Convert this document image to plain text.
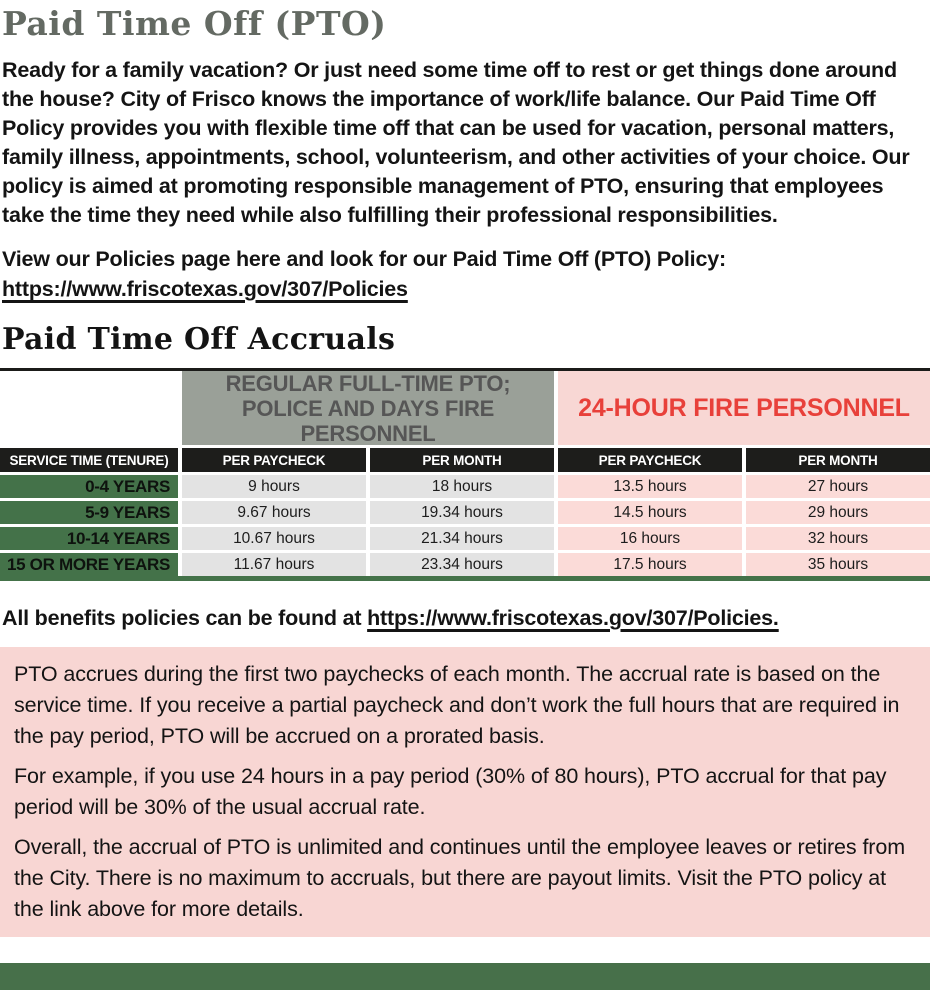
Paid Time Off (PTO)

Ready for a family vacation? Or just need some time off to rest or get things done around the house? City of Frisco knows the importance of work/life balance. Our Paid Time Off Policy provides you with flexible time off that can be used for vacation, personal matters, family illness, appointments, school, volunteerism, and other activities of your choice. Our policy is aimed at promoting responsible management of PTO, ensuring that employees take the time they need while also fulfilling their professional responsibilities.

View our Policies page here and look for our Paid Time Off (PTO) Policy: https://www.friscotexas.gov/307/Policies

Paid Time Off Accruals
REGULAR FULL-TIME PTO; POLICE AND DAYS FIRE PERSONNEL
24-HOUR FIRE PERSONNEL
SERVICE TIME (TENURE)	PER PAYCHECK	PER MONTH	PER PAYCHECK	PER MONTH
0-4 YEARS	9 hours	18 hours	13.5 hours	27 hours
5-9 YEARS	9.67 hours	19.34 hours	14.5 hours	29 hours
10-14 YEARS	10.67 hours	21.34 hours	16 hours	32 hours
15 OR MORE YEARS	11.67 hours	23.34 hours	17.5 hours	35 hours

All benefits policies can be found at https://www.friscotexas.gov/307/Policies.

PTO accrues during the first two paychecks of each month. The accrual rate is based on the service time. If you receive a partial paycheck and don’t work the full hours that are required in the pay period, PTO will be accrued on a prorated basis.

For example, if you use 24 hours in a pay period (30% of 80 hours), PTO accrual for that pay period will be 30% of the usual accrual rate.

Overall, the accrual of PTO is unlimited and continues until the employee leaves or retires from the City. There is no maximum to accruals, but there are payout limits. Visit the PTO policy at the link above for more details.
